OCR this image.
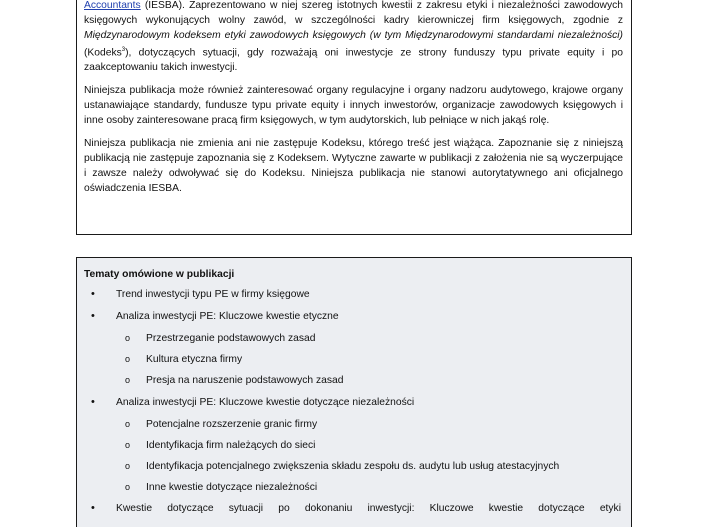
Accountants (IESBA). Zaprezentowano w niej szereg istotnych kwestii z zakresu etyki i niezależności zawodowych księgowych wykonujących wolny zawód, w szczególności kadry kierowniczej firm księgowych, zgodnie z Międzynarodowym kodeksem etyki zawodowych księgowych (w tym Międzynarodowymi standardami niezależności) (Kodeks$^3$), dotyczących sytuacji, gdy rozważają oni inwestycje ze strony funduszy typu private equity i po zaakceptowaniu takich inwestycji.

Niniejsza publikacja może również zainteresować organy regulacyjne i organy nadzoru audytowego, krajowe organy ustanawiające standardy, fundusze typu private equity i innych inwestorów, organizacje zawodowych księgowych i inne osoby zainteresowane pracą firm księgowych, w tym audytorskich, lub pełniące w nich jakąś rolę.

Niniejsza publikacja nie zmienia ani nie zastępuje Kodeksu, którego treść jest wiążąca. Zapoznanie się z niniejszą publikacją nie zastępuje zapoznania się z Kodeksem. Wytyczne zawarte w publikacji z założenia nie są wyczerpujące i zawsze należy odwoływać się do Kodeksu. Niniejsza publikacja nie stanowi autorytatywnego ani oficjalnego oświadczenia IESBA.

Tematy omówione w publikacji

• Trend inwestycji typu PE w firmy księgowe
• Analiza inwestycji PE: Kluczowe kwestie etyczne
o Przestrzeganie podstawowych zasad
o Kultura etyczna firmy
o Presja na naruszenie podstawowych zasad
• Analiza inwestycji PE: Kluczowe kwestie dotyczące niezależności
o Potencjalne rozszerzenie granic firmy
o Identyfikacja firm należących do sieci
o Identyfikacja potencjalnego zwiększenia składu zespołu ds. audytu lub usług atestacyjnych
o Inne kwestie dotyczące niezależności
• Kwestie dotyczące sytuacji po dokonaniu inwestycji: Kluczowe kwestie dotyczące etyki
